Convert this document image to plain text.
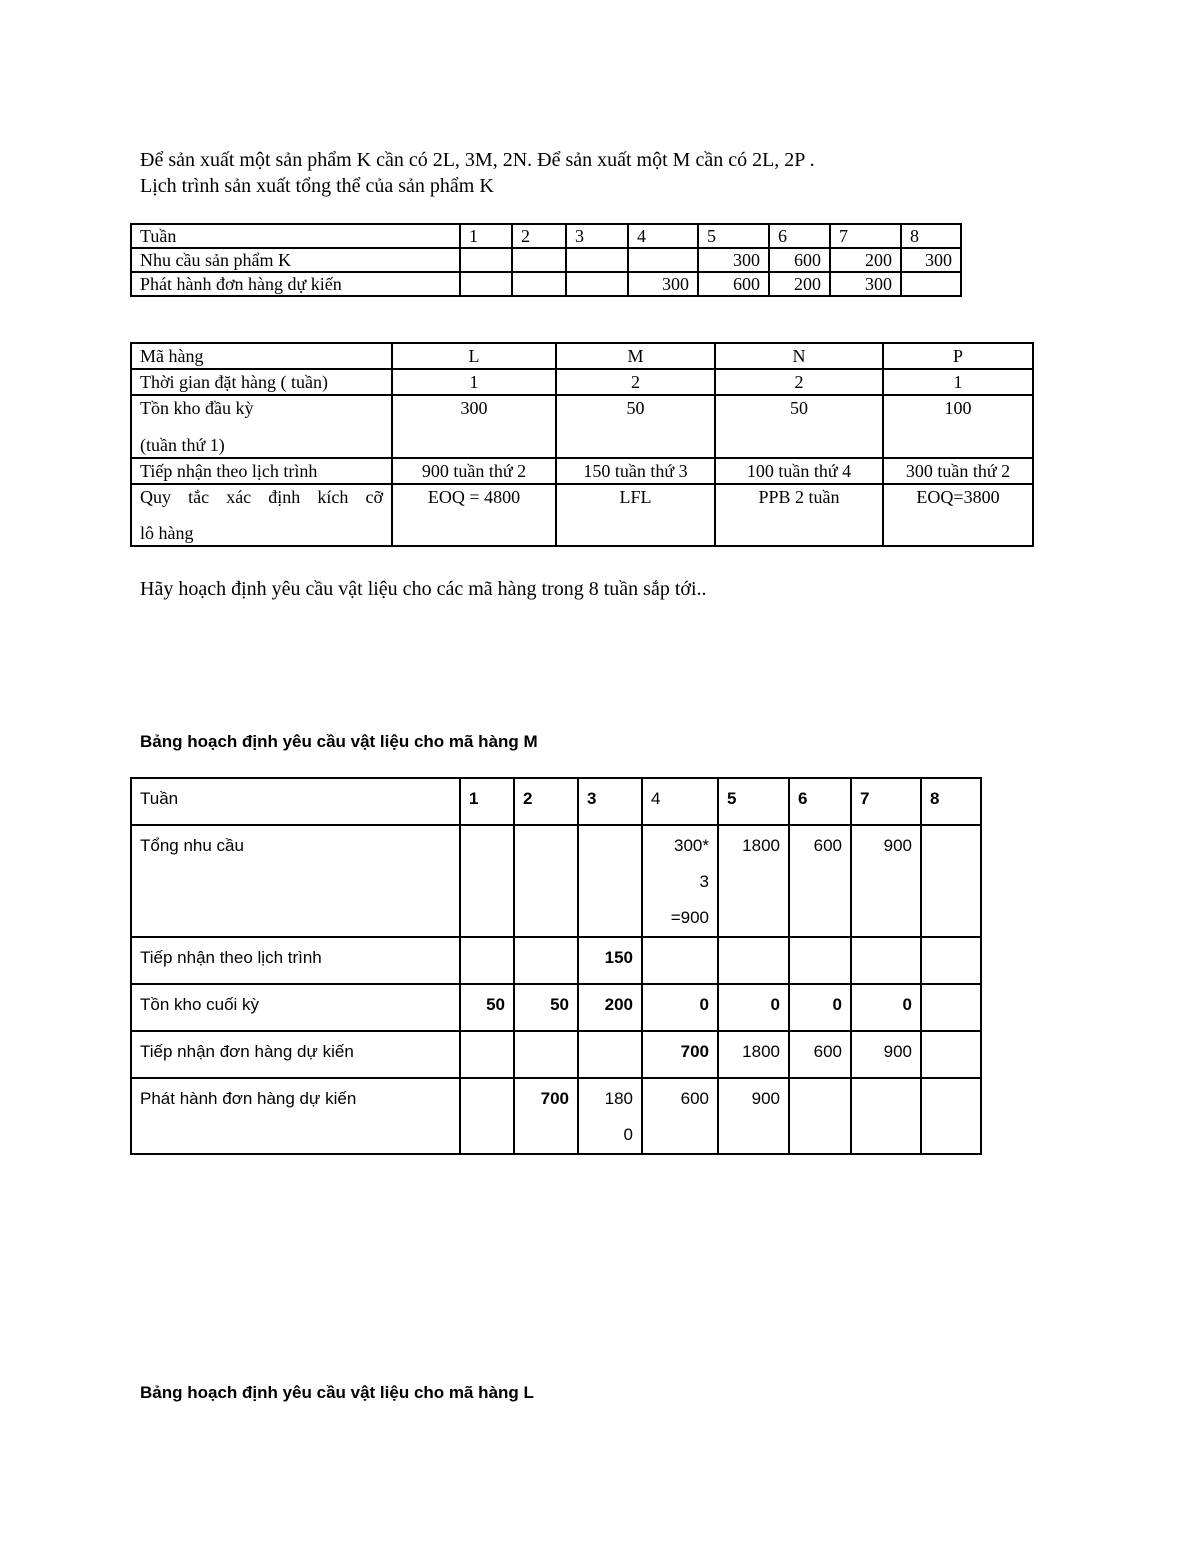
Để sản xuất một sản phẩm K cần có 2L, 3M, 2N. Để sản xuất một M cần có 2L, 2P .

Lịch trình sản xuất tổng thể của sản phẩm K

Tuần	1	2	3	4	5	6	7	8
Nhu cầu sản phẩm K					300	600	200	300
Phát hành đơn hàng dự kiến				300	600	200	300	
Mã hàng	L	M	N	P
Thời gian đặt hàng ( tuần)	1	2	2	1

Tồn kho đầu kỳ
(tuần thứ 1)	300	50	50	100
Tiếp nhận theo lịch trình	900 tuần thứ 2	150 tuần thứ 3	100 tuần thứ 4	300 tuần thứ 2

Quy tắc xác định kích cỡ
lô hàng	EOQ = 4800	LFL	PPB 2 tuần	EOQ=3800

Hãy hoạch định yêu cầu vật liệu cho các mã hàng trong 8 tuần sắp tới..

Bảng hoạch định yêu cầu vật liệu cho mã hàng M
Tuần	1	2	3	4	5	6	7	8
Tổng nhu cầu				300*
3
=900	1800	600	900	
Tiếp nhận theo lịch trình			150					
Tồn kho cuối kỳ	50	50	200	0	0	0	0	
Tiếp nhận đơn hàng dự kiến				700	1800	600	900	
Phát hành đơn hàng dự kiến		700	180
0	600	900			
Bảng hoạch định yêu cầu vật liệu cho mã hàng L
